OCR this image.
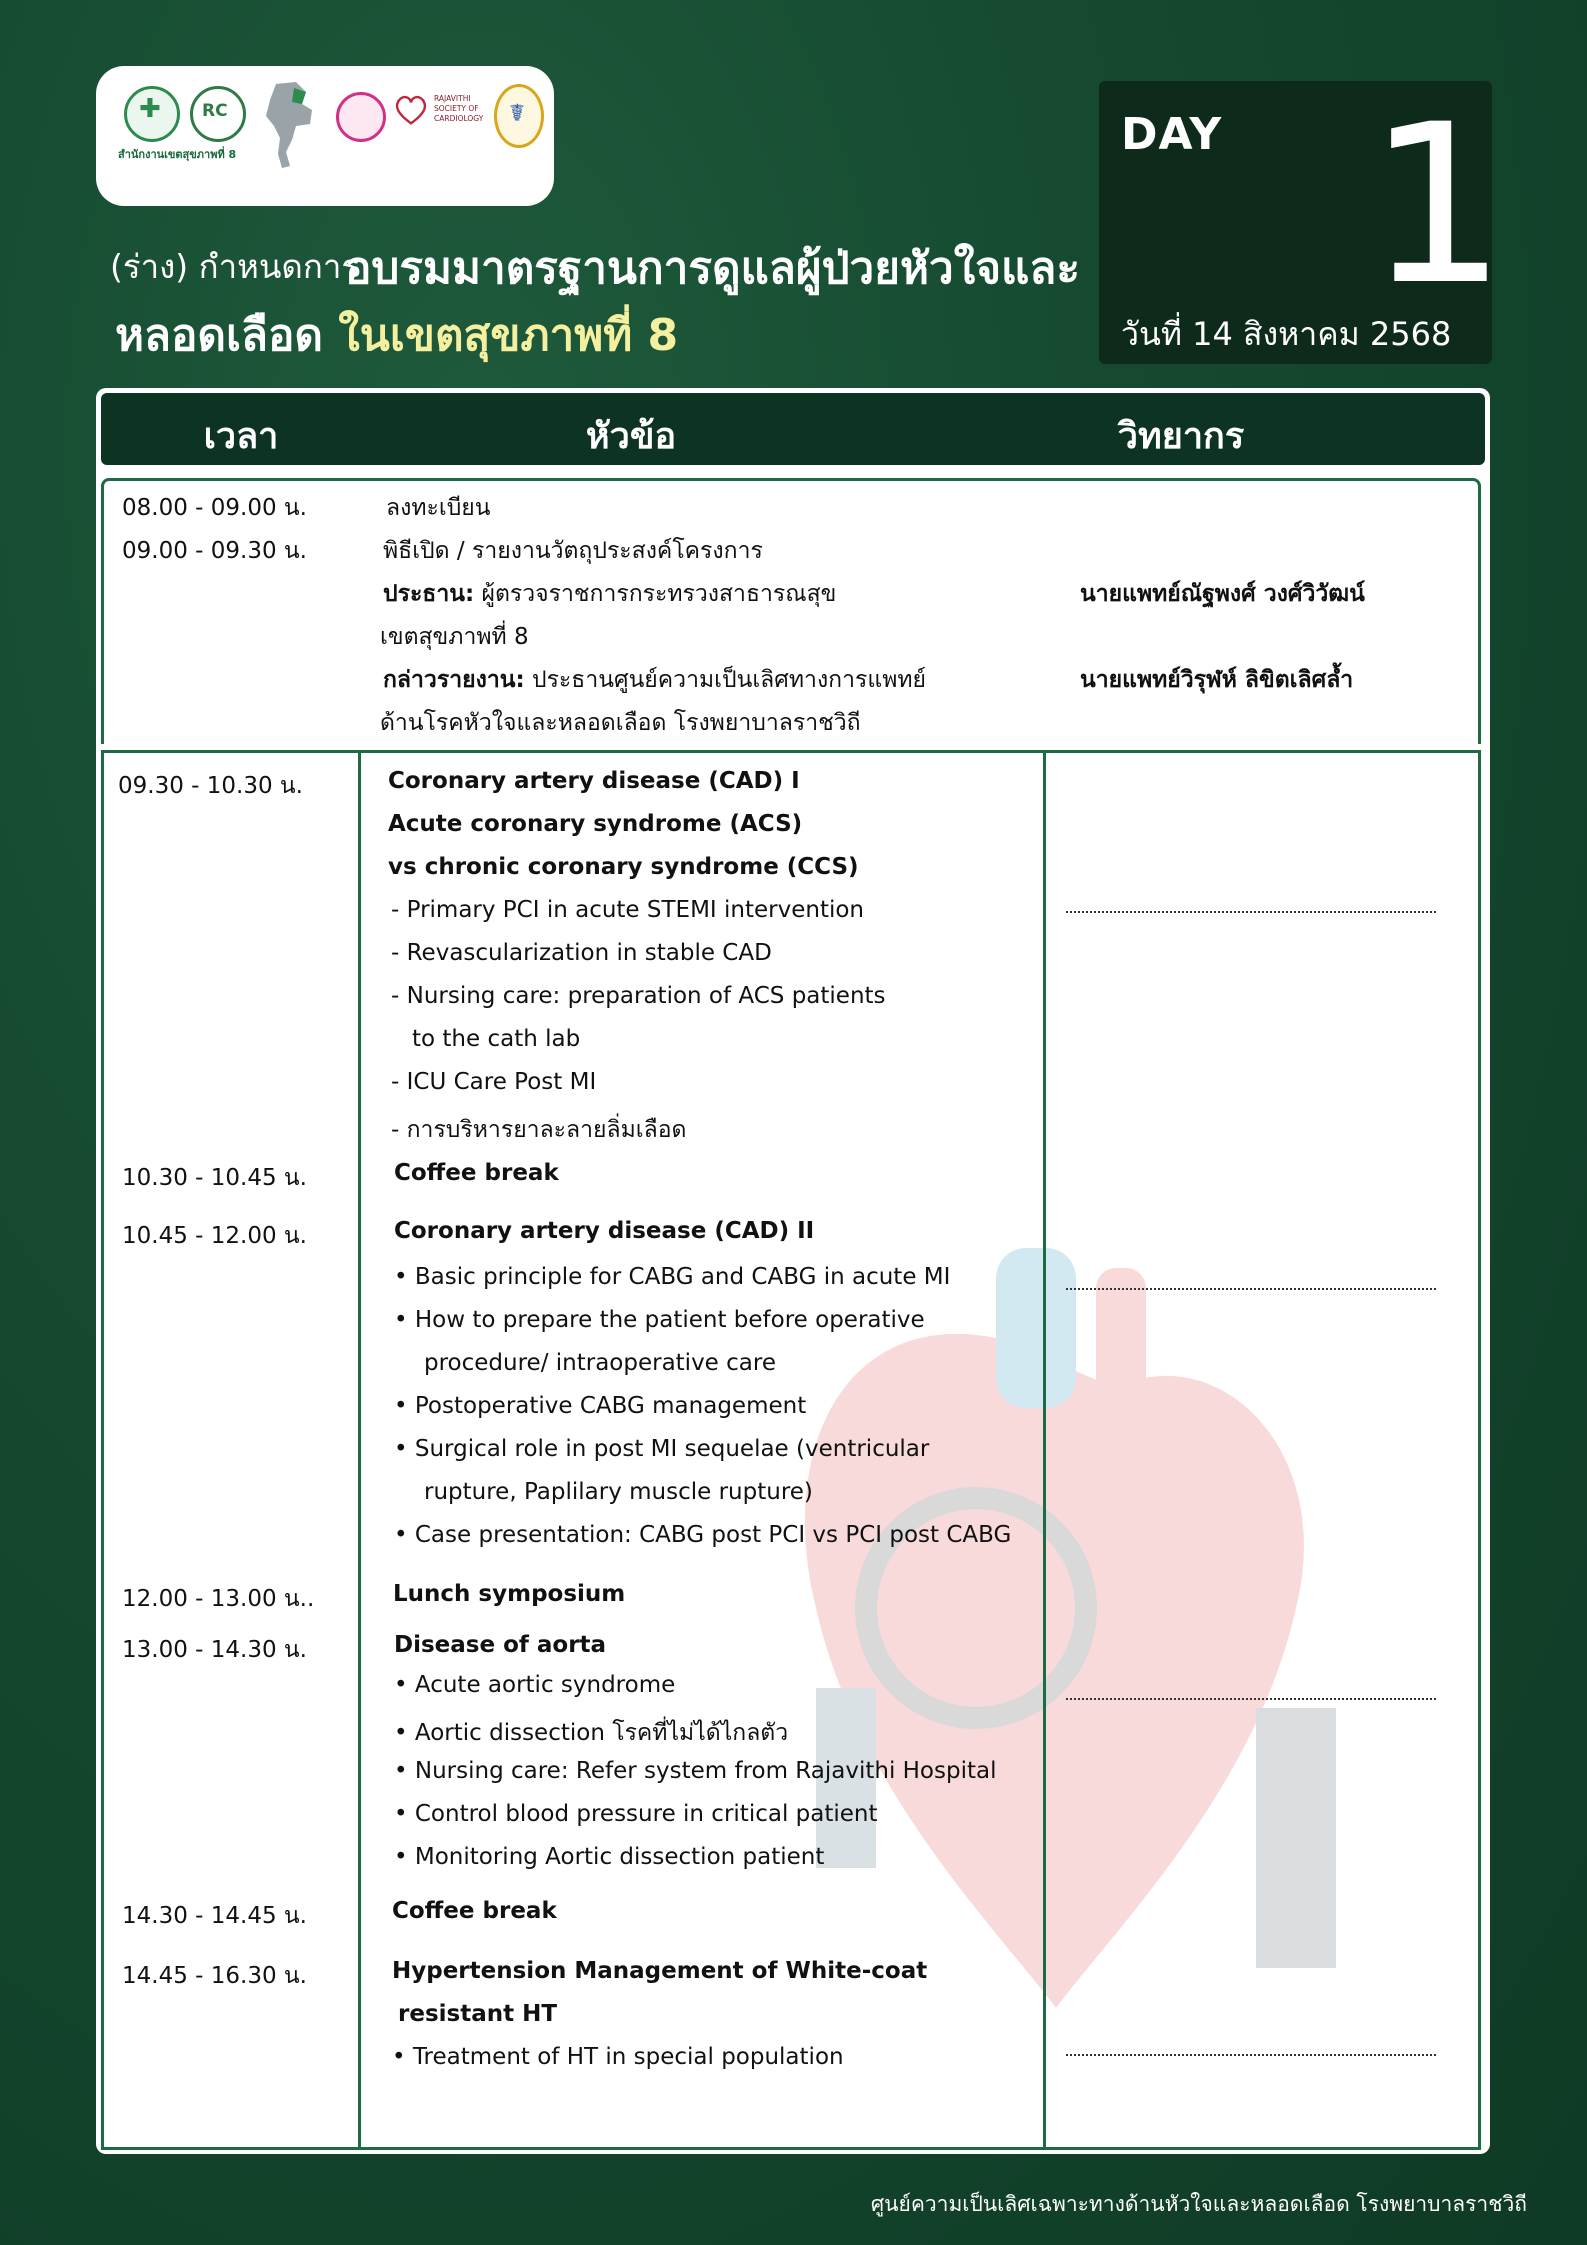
✚
สำนักงานเขตสุขภาพที่ 8
RC
RAJAVITHI SOCIETY OF CARDIOLOGY	☤
(ร่าง) กำหนดการ
อบรมมาตรฐานการดูแลผู้ป่วยหัวใจและ
หลอดเลือด ในเขตสุขภาพที่ 8
DAY 1
วันที่ 14 สิงหาคม 2568
เวลา	หัวข้อ	วิทยากร
08.00 - 09.00 น.	ลงทะเบียน
09.00 - 09.30 น.	พิธีเปิด / รายงานวัตถุประสงค์โครงการ
ประธาน: ผู้ตรวจราชการกระทรวงสาธารณสุข	นายแพทย์ณัฐพงศ์ วงศ์วิวัฒน์
เขตสุขภาพที่ 8
กล่าวรายงาน: ประธานศูนย์ความเป็นเลิศทางการแพทย์	นายแพทย์วิรุฬห์ ลิขิตเลิศล้ำ
ด้านโรคหัวใจและหลอดเลือด โรงพยาบาลราชวิถี
09.30 - 10.30 น.	Coronary artery disease (CAD) I
Acute coronary syndrome (ACS)
vs chronic coronary syndrome (CCS)
- Primary PCI in acute STEMI intervention
- Revascularization in stable CAD
- Nursing care: preparation of ACS patients
to the cath lab
- ICU Care Post MI
- การบริหารยาละลายลิ่มเลือด
10.30 - 10.45 น.	Coffee break
10.45 - 12.00 น.	Coronary artery disease (CAD) II
• Basic principle for CABG and CABG in acute MI
• How to prepare the patient before operative
procedure/ intraoperative care
• Postoperative CABG management
• Surgical role in post MI sequelae (ventricular
rupture, Paplilary muscle rupture)
• Case presentation: CABG post PCI vs PCI post CABG
12.00 - 13.00 น..	Lunch symposium
13.00 - 14.30 น.	Disease of aorta
• Acute aortic syndrome
• Aortic dissection โรคที่ไม่ได้ไกลตัว
• Nursing care: Refer system from Rajavithi Hospital
• Control blood pressure in critical patient
• Monitoring Aortic dissection patient
14.30 - 14.45 น.	Coffee break
14.45 - 16.30 น.	Hypertension Management of White-coat
resistant HT
• Treatment of HT in special population
ศูนย์ความเป็นเลิศเฉพาะทางด้านหัวใจและหลอดเลือด โรงพยาบาลราชวิถี
